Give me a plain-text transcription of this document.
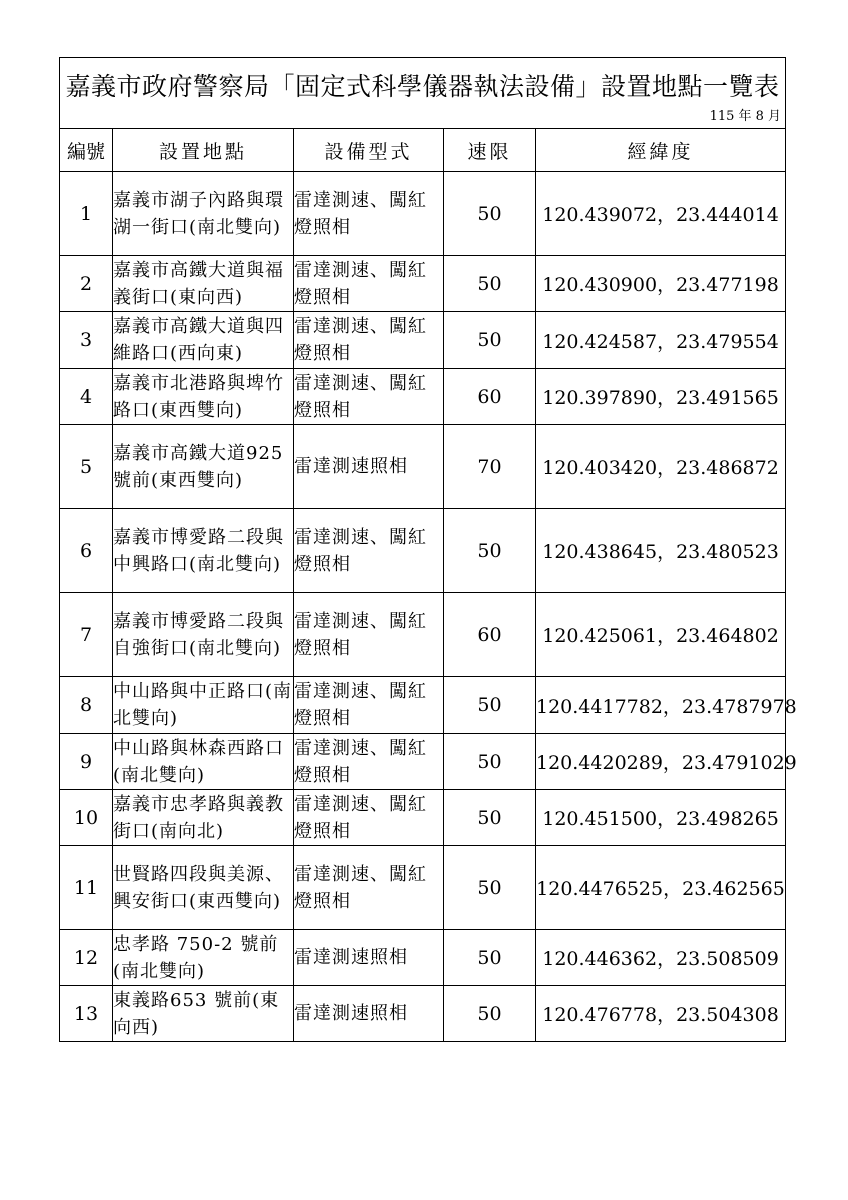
嘉義市政府警察局「固定式科學儀器執法設備」設置地點一覽表
115 年 8 月				

編號	設置地點	設備型式	速限	經緯度
1	嘉義市湖子內路與環湖一街口(南北雙向)	雷達測速、闖紅燈照相	50	120.439072，23.444014
2	嘉義市高鐵大道與福義街口(東向西)	雷達測速、闖紅燈照相	50	120.430900，23.477198
3	嘉義市高鐵大道與四維路口(西向東)	雷達測速、闖紅燈照相	50	120.424587，23.479554
4	嘉義市北港路與埤竹路口(東西雙向)	雷達測速、闖紅燈照相	60	120.397890，23.491565
5	嘉義市高鐵大道925 號前(東西雙向)	雷達測速照相	70	120.403420，23.486872
6	嘉義市博愛路二段與中興路口(南北雙向)	雷達測速、闖紅燈照相	50	120.438645，23.480523
7	嘉義市博愛路二段與自強街口(南北雙向)	雷達測速、闖紅燈照相	60	120.425061，23.464802
8	中山路與中正路口(南北雙向)	雷達測速、闖紅燈照相	50	120.4417782，23.4787978
9	中山路與林森西路口(南北雙向)	雷達測速、闖紅燈照相	50	120.4420289，23.4791029
10	嘉義市忠孝路與義教街口(南向北)	雷達測速、闖紅燈照相	50	120.451500，23.498265
11	世賢路四段與美源、興安街口(東西雙向)	雷達測速、闖紅燈照相	50	120.4476525，23.462565
12	忠孝路 750-2 號前(南北雙向)	雷達測速照相	50	120.446362，23.508509
13	東義路653 號前(東向西)	雷達測速照相	50	120.476778，23.504308
